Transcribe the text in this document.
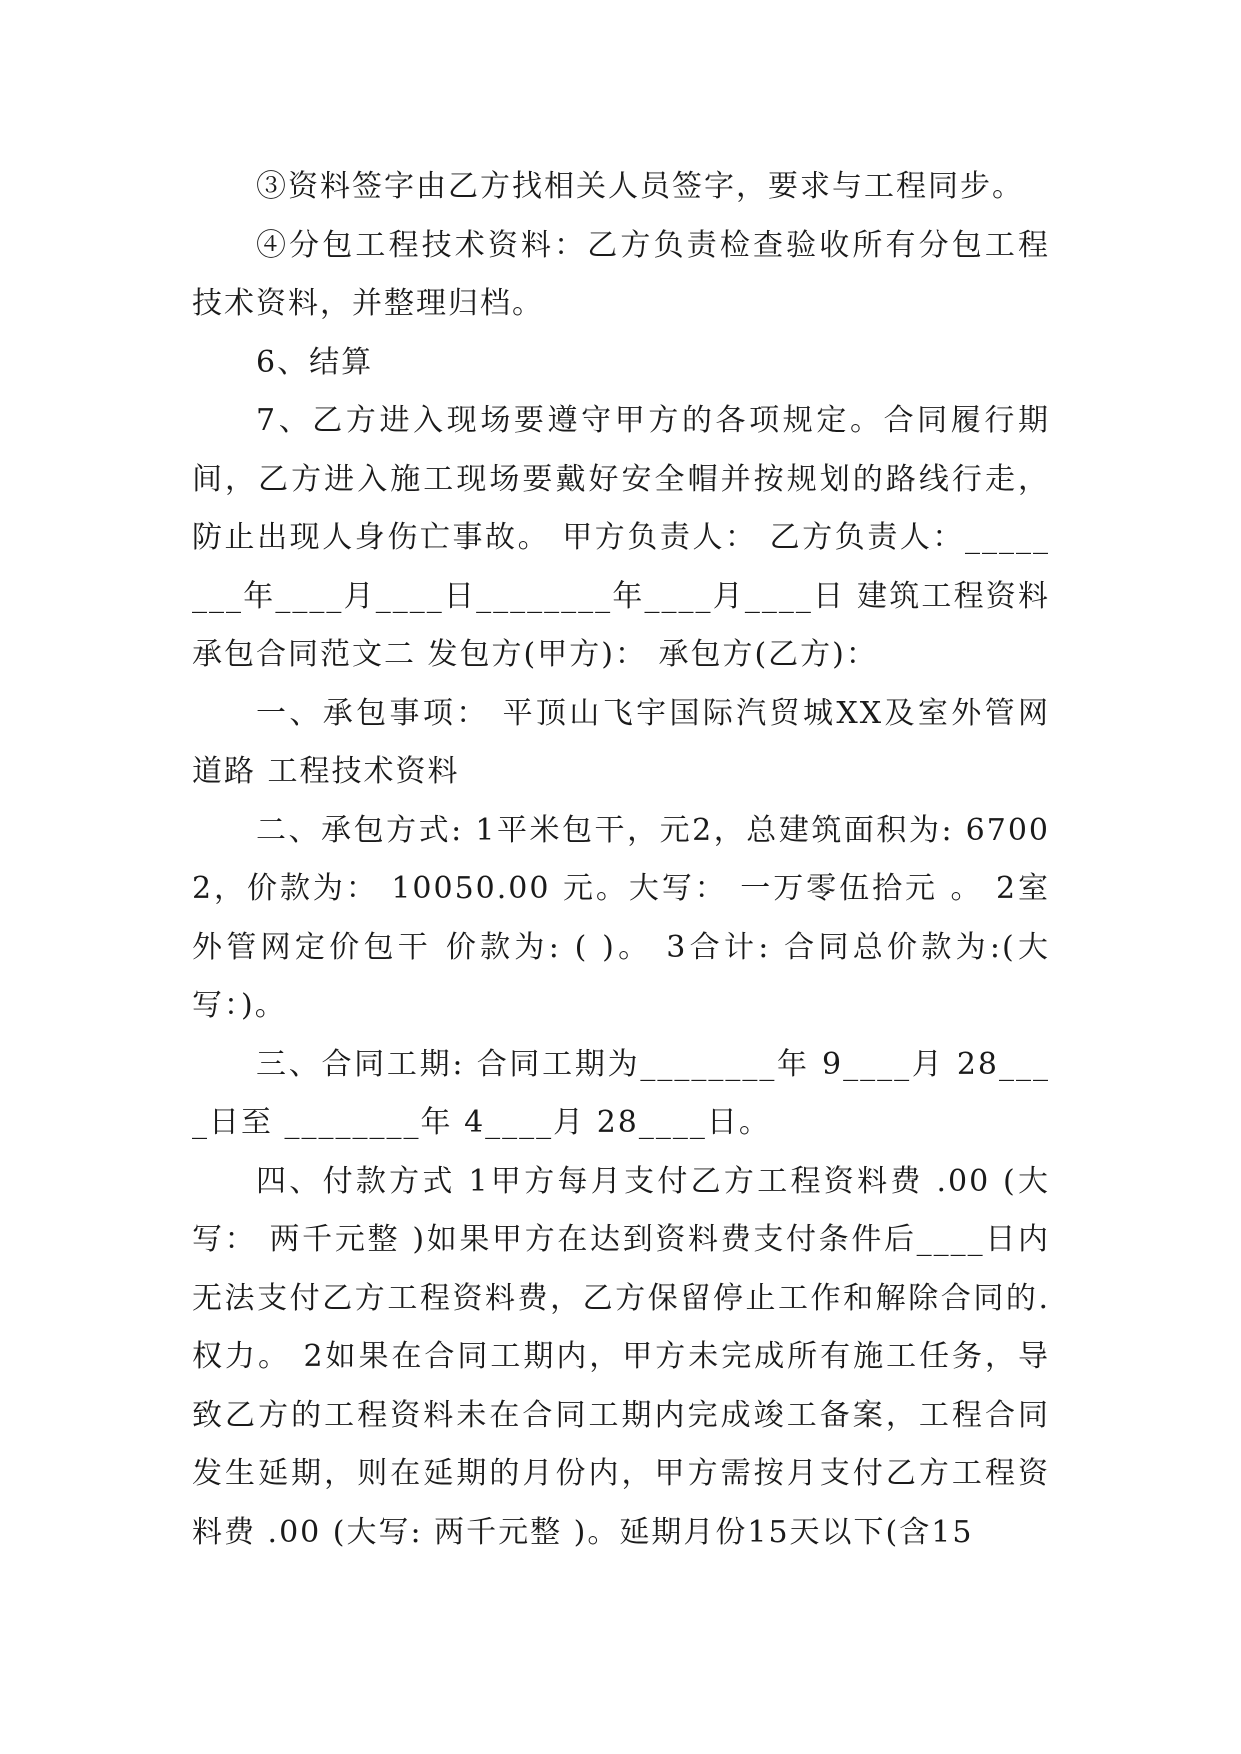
③资料签字由乙方找相关人员签字，要求与工程同步。

④分包工程技术资料：乙方负责检查验收所有分包工程技术资料，并整理归档。

6、结算

7、乙方进入现场要遵守甲方的各项规定。合同履行期间，乙方进入施工现场要戴好安全帽并按规划的路线行走，防止出现人身伤亡事故。 甲方负责人： 乙方负责人：________年____月____日________年____月____日 建筑工程资料承包合同范文二 发包方(甲方)： 承包方(乙方)：

一、承包事项： 平顶山飞宇国际汽贸城XX及室外管网道路 工程技术资料

二、承包方式: 1平米包干，元2，总建筑面积为: 67002，价款为： 10050.00 元。大写： 一万零伍拾元 。 2室外管网定价包干 价款为: ( )。 3合计: 合同总价款为:(大写：)。

三、合同工期: 合同工期为________年 9____月 28____日至 ________年 4____月 28____日。

四、付款方式 1甲方每月支付乙方工程资料费 .00 (大写： 两千元整 )如果甲方在达到资料费支付条件后____日内无法支付乙方工程资料费，乙方保留停止工作和解除合同的.权力。 2如果在合同工期内，甲方未完成所有施工任务，导致乙方的工程资料未在合同工期内完成竣工备案，工程合同发生延期，则在延期的月份内，甲方需按月支付乙方工程资料费 .00 (大写: 两千元整 )。延期月份15天以下(含15
